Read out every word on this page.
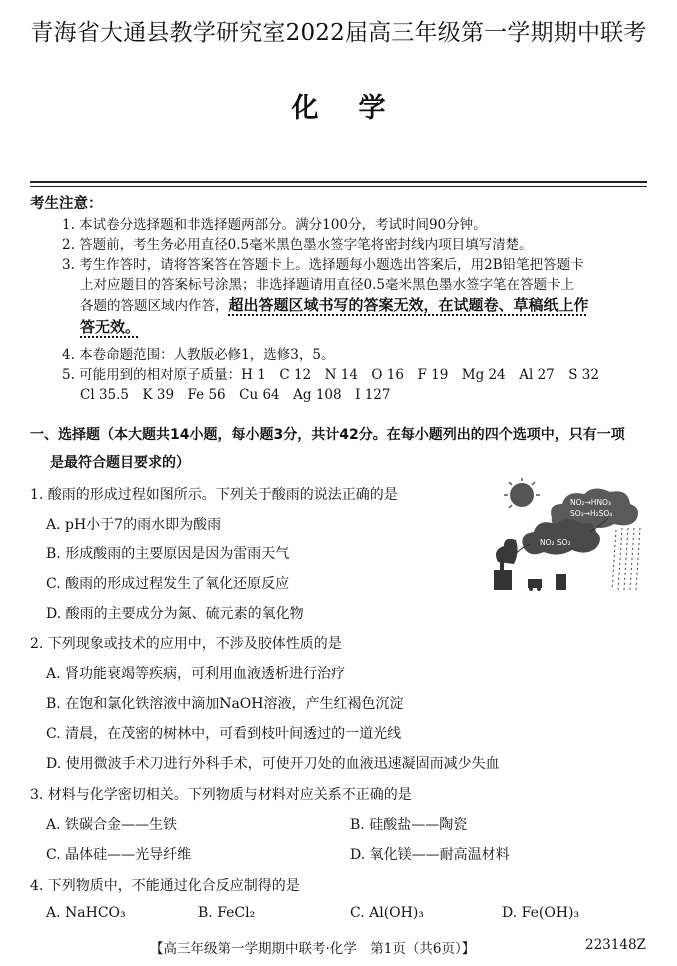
青海省大通县教学研究室2022届高三年级第一学期期中联考
化学
考生注意：
1. 本试卷分选择题和非选择题两部分。满分100分，考试时间90分钟。
2. 答题前，考生务必用直径0.5毫米黑色墨水签字笔将密封线内项目填写清楚。
3. 考生作答时，请将答案答在答题卡上。选择题每小题选出答案后，用2B铅笔把答题卡
上对应题目的答案标号涂黑；非选择题请用直径0.5毫米黑色墨水签字笔在答题卡上
各题的答题区域内作答，超出答题区域书写的答案无效，在试题卷、草稿纸上作
答无效。
4. 本卷命题范围：人教版必修1，选修3，5。
5. 可能用到的相对原子质量：H 1　C 12　N 14　O 16　F 19　Mg 24　Al 27　S 32
Cl 35.5　K 39　Fe 56　Cu 64　Ag 108　I 127
一、选择题（本大题共14小题，每小题3分，共计42分。在每小题列出的四个选项中，只有一项
是最符合题目要求的）
1. 酸雨的形成过程如图所示。下列关于酸雨的说法正确的是
A. pH小于7的雨水即为酸雨
B. 形成酸雨的主要原因是因为雷雨天气
C. 酸雨的形成过程发生了氧化还原反应
D. 酸雨的主要成分为氮、硫元素的氧化物
NO₂→HNO₃
SO₃→H₂SO₄
NO₂ SO₂
2. 下列现象或技术的应用中，不涉及胶体性质的是
A. 肾功能衰竭等疾病，可利用血液透析进行治疗
B. 在饱和氯化铁溶液中滴加NaOH溶液，产生红褐色沉淀
C. 清晨，在茂密的树林中，可看到枝叶间透过的一道光线
D. 使用微波手术刀进行外科手术，可使开刀处的血液迅速凝固而减少失血
3. 材料与化学密切相关。下列物质与材料对应关系不正确的是
A. 铁碳合金——生铁	B. 硅酸盐——陶瓷
C. 晶体硅——光导纤维	D. 氧化镁——耐高温材料
4. 下列物质中，不能通过化合反应制得的是
A. NaHCO₃	B. FeCl₂	C. Al(OH)₃	D. Fe(OH)₃
【高三年级第一学期期中联考·化学　第1页（共6页）】	223148Z
